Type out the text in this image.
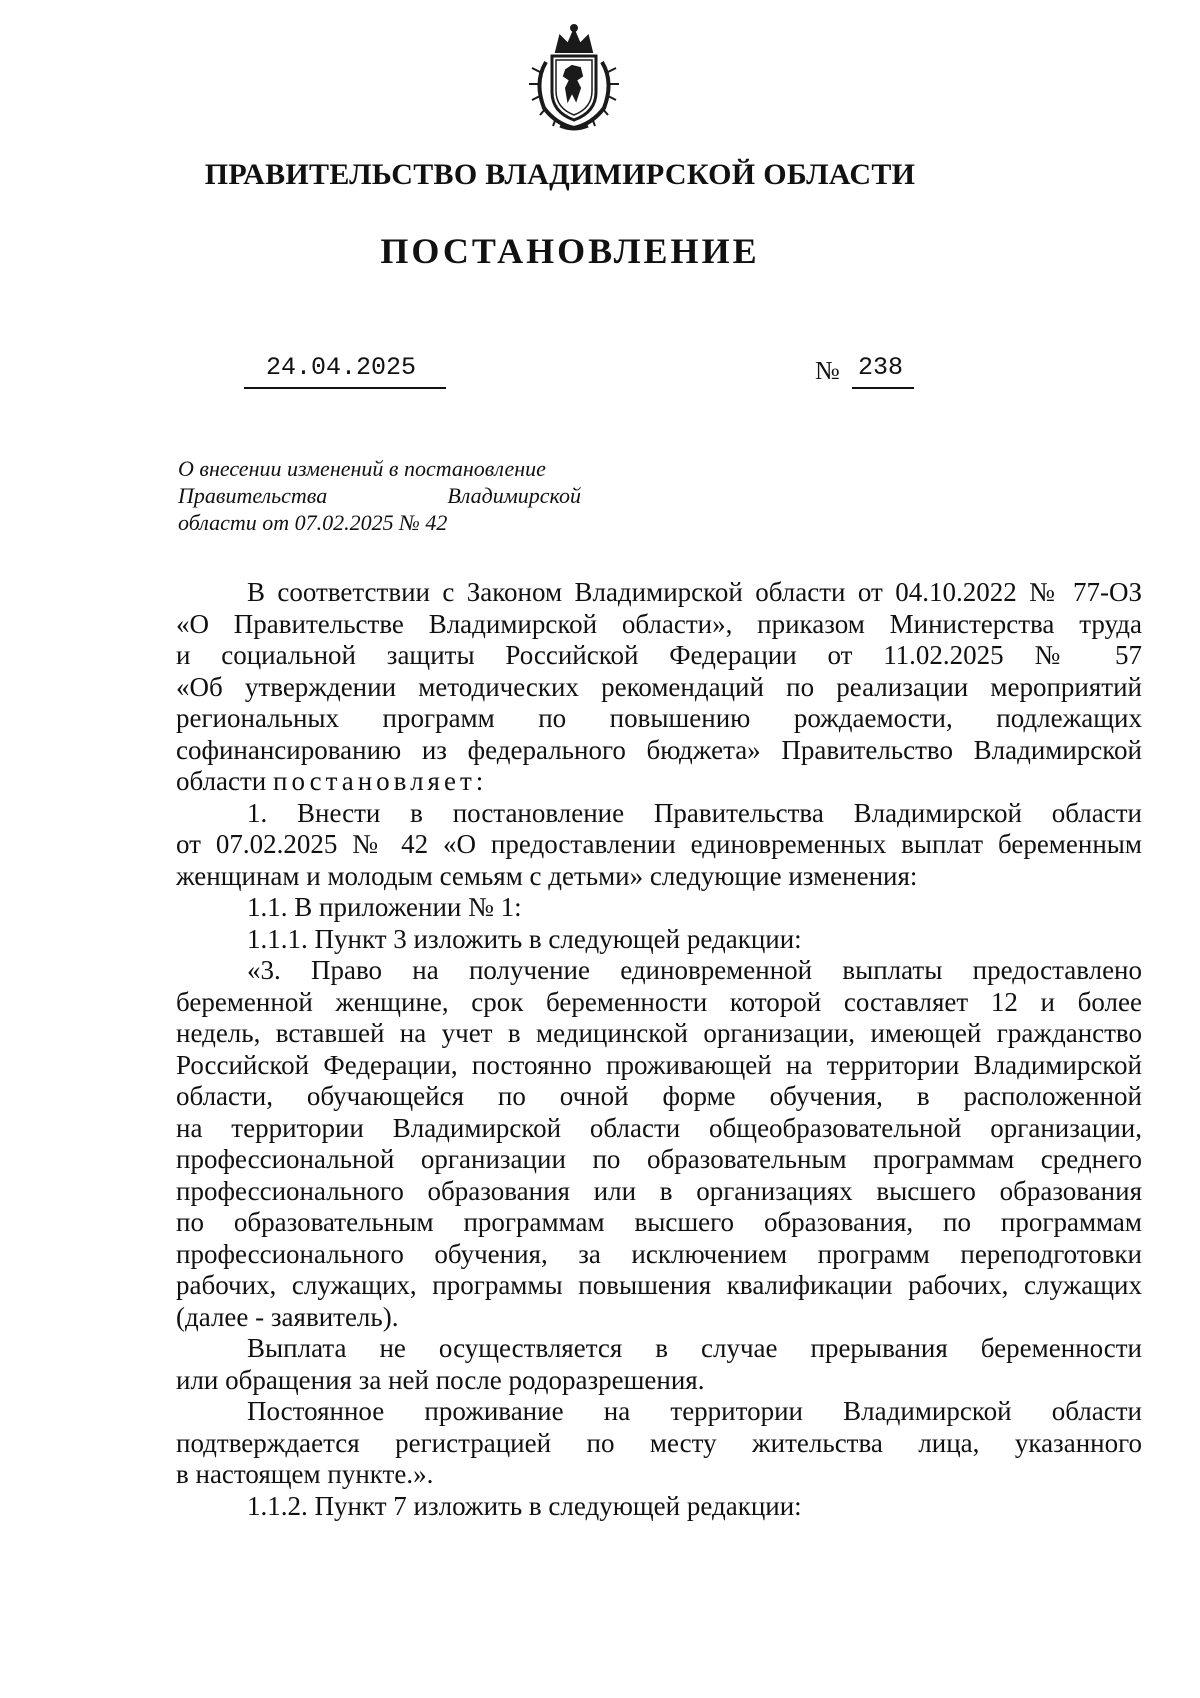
ПРАВИТЕЛЬСТВО ВЛАДИМИРСКОЙ ОБЛАСТИ
ПОСТАНОВЛЕНИЕ
24.04.2025	№ 238
О внесении изменений в постановление
Правительства	Владимирской
области от 07.02.2025 № 42
В соответствии с Законом Владимирской области от 04.10.2022 № 77-ОЗ
«О Правительстве Владимирской области», приказом Министерства труда
и социальной защиты Российской Федерации от 11.02.2025 № 57
«Об утверждении методических рекомендаций по реализации мероприятий
региональных программ по повышению рождаемости, подлежащих
софинансированию из федерального бюджета» Правительство Владимирской
области постановляет:
1. Внести в постановление Правительства Владимирской области
от 07.02.2025 № 42 «О предоставлении единовременных выплат беременным
женщинам и молодым семьям с детьми» следующие изменения:
1.1. В приложении № 1:
1.1.1. Пункт 3 изложить в следующей редакции:
«3. Право на получение единовременной выплаты предоставлено
беременной женщине, срок беременности которой составляет 12 и более
недель, вставшей на учет в медицинской организации, имеющей гражданство
Российской Федерации, постоянно проживающей на территории Владимирской
области, обучающейся по очной форме обучения, в расположенной
на территории Владимирской области общеобразовательной организации,
профессиональной организации по образовательным программам среднего
профессионального образования или в организациях высшего образования
по образовательным программам высшего образования, по программам
профессионального обучения, за исключением программ переподготовки
рабочих, служащих, программы повышения квалификации рабочих, служащих
(далее - заявитель).
Выплата не осуществляется в случае прерывания беременности
или обращения за ней после родоразрешения.
Постоянное проживание на территории Владимирской области
подтверждается регистрацией по месту жительства лица, указанного
в настоящем пункте.».
1.1.2. Пункт 7 изложить в следующей редакции:
